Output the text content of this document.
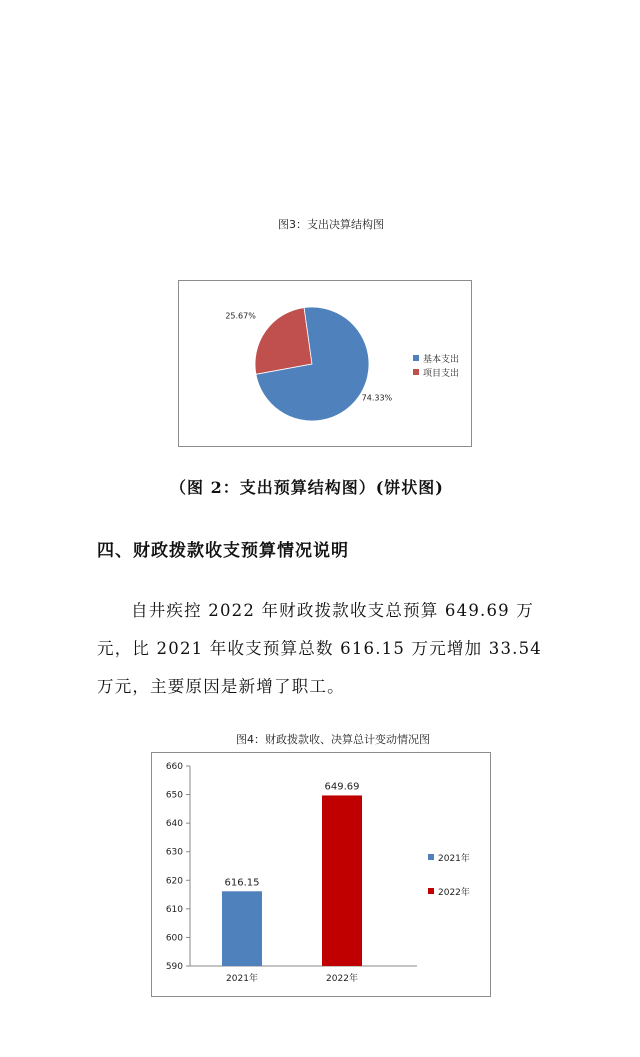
图3：支出决算结构图
25.67%
74.33%
基本支出
项目支出
（图 2：支出预算结构图）(饼状图)
四、财政拨款收支预算情况说明
自井疾控 2022 年财政拨款收支总预算 649.69 万元，比 2021 年收支预算总数 616.15 万元增加 33.54 万元，主要原因是新增了职工。
图4：财政拨款收、决算总计变动情况图
590
600
610
620
630
640
650
660
2021年	2022年
616.15
649.69
2021年
2022年
